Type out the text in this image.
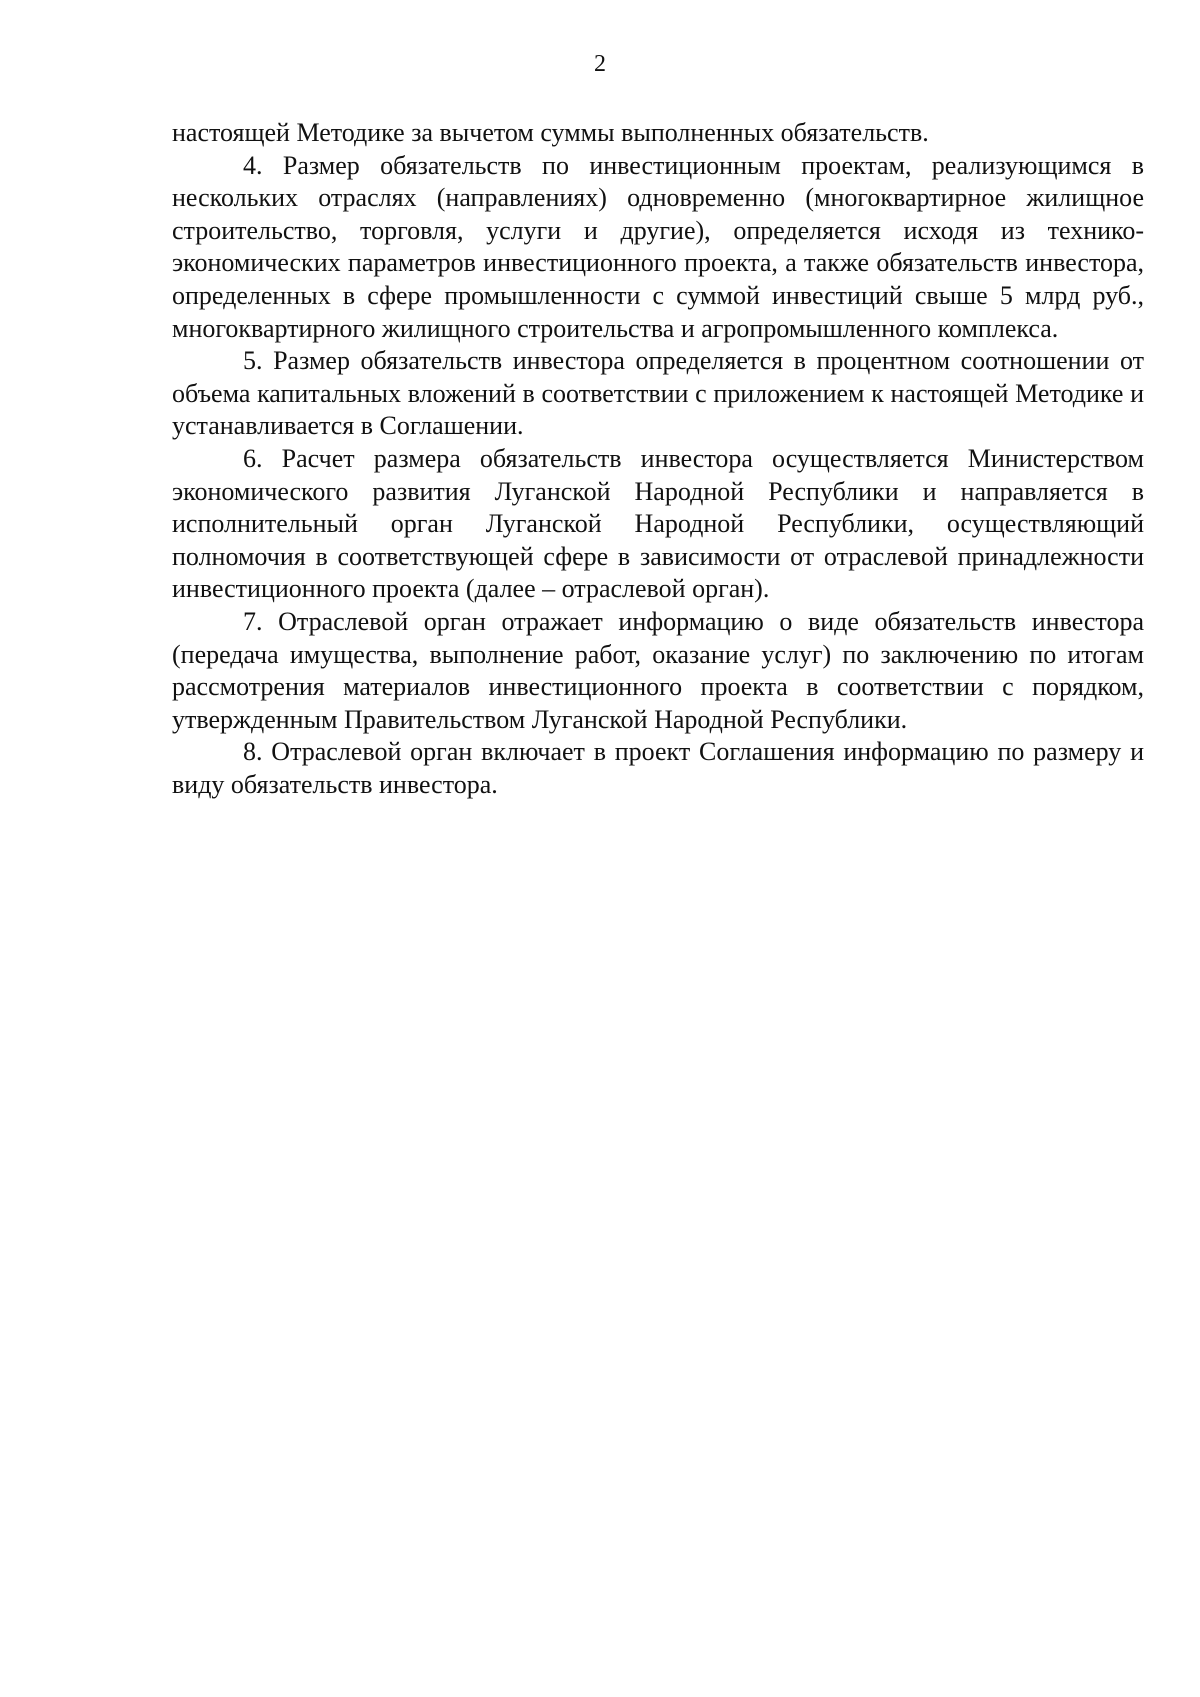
2

настоящей Методике за вычетом суммы выполненных обязательств.

4. Размер обязательств по инвестиционным проектам, реализующимся в нескольких отраслях (направлениях) одновременно (многоквартирное жилищное строительство, торговля, услуги и другие), определяется исходя из технико-экономических параметров инвестиционного проекта, а также обязательств инвестора, определенных в сфере промышленности с суммой инвестиций свыше 5 млрд руб., многоквартирного жилищного строительства и агропромышленного комплекса.

5. Размер обязательств инвестора определяется в процентном соотношении от объема капитальных вложений в соответствии с приложением к настоящей Методике и устанавливается в Соглашении.

6. Расчет размера обязательств инвестора осуществляется Министерством экономического развития Луганской Народной Республики и направляется в исполнительный орган Луганской Народной Республики, осуществляющий полномочия в соответствующей сфере в зависимости от отраслевой принадлежности инвестиционного проекта (далее – отраслевой орган).

7. Отраслевой орган отражает информацию о виде обязательств инвестора (передача имущества, выполнение работ, оказание услуг) по заключению по итогам рассмотрения материалов инвестиционного проекта в соответствии с порядком, утвержденным Правительством Луганской Народной Республики.

8. Отраслевой орган включает в проект Соглашения информацию по размеру и виду обязательств инвестора.
